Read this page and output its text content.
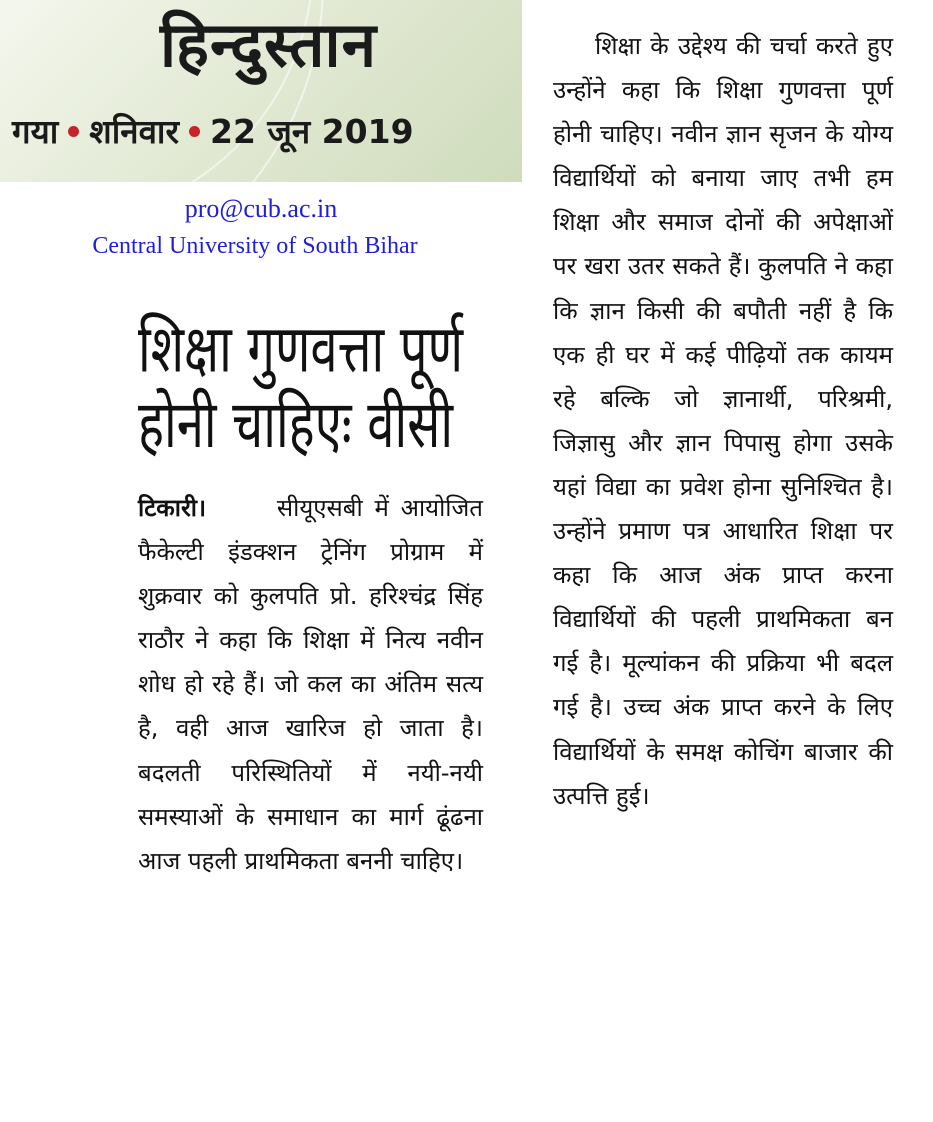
हिन्दुस्तान
गया शनिवार 22 जून 2019
pro@cub.ac.in
Central University of South Bihar
शिक्षा गुणवत्ता पूर्ण होनी चाहिएः वीसी

टिकारी।	सीयूएसबी में आयोजित फैकेल्टी इंडक्शन ट्रेनिंग प्रोग्राम में शुक्रवार को कुलपति प्रो. हरिश्चंद्र सिंह राठौर ने कहा कि शिक्षा में नित्य नवीन शोध हो रहे हैं। जो कल का अंतिम सत्य है, वही आज खारिज हो जाता है। बदलती परिस्थितियों में नयी-नयी समस्याओं के समाधान का मार्ग ढूंढना आज पहली प्राथमिकता बननी चाहिए।

शिक्षा के उद्देश्य की चर्चा करते हुए उन्होंने कहा कि शिक्षा गुणवत्ता पूर्ण होनी चाहिए। नवीन ज्ञान सृजन के योग्य विद्यार्थियों को बनाया जाए तभी हम शिक्षा और समाज दोनों की अपेक्षाओं पर खरा उतर सकते हैं। कुलपति ने कहा कि ज्ञान किसी की बपौती नहीं है कि एक ही घर में कई पीढ़ियों तक कायम रहे बल्कि जो ज्ञानार्थी, परिश्रमी, जिज्ञासु और ज्ञान पिपासु होगा उसके यहां विद्या का प्रवेश होना सुनिश्चित है। उन्होंने प्रमाण पत्र आधारित शिक्षा पर कहा कि आज अंक प्राप्त करना विद्यार्थियों की पहली प्राथमिकता बन गई है। मूल्यांकन की प्रक्रिया भी बदल गई है। उच्च अंक प्राप्त करने के लिए विद्यार्थियों के समक्ष कोचिंग बाजार की उत्पत्ति हुई।
